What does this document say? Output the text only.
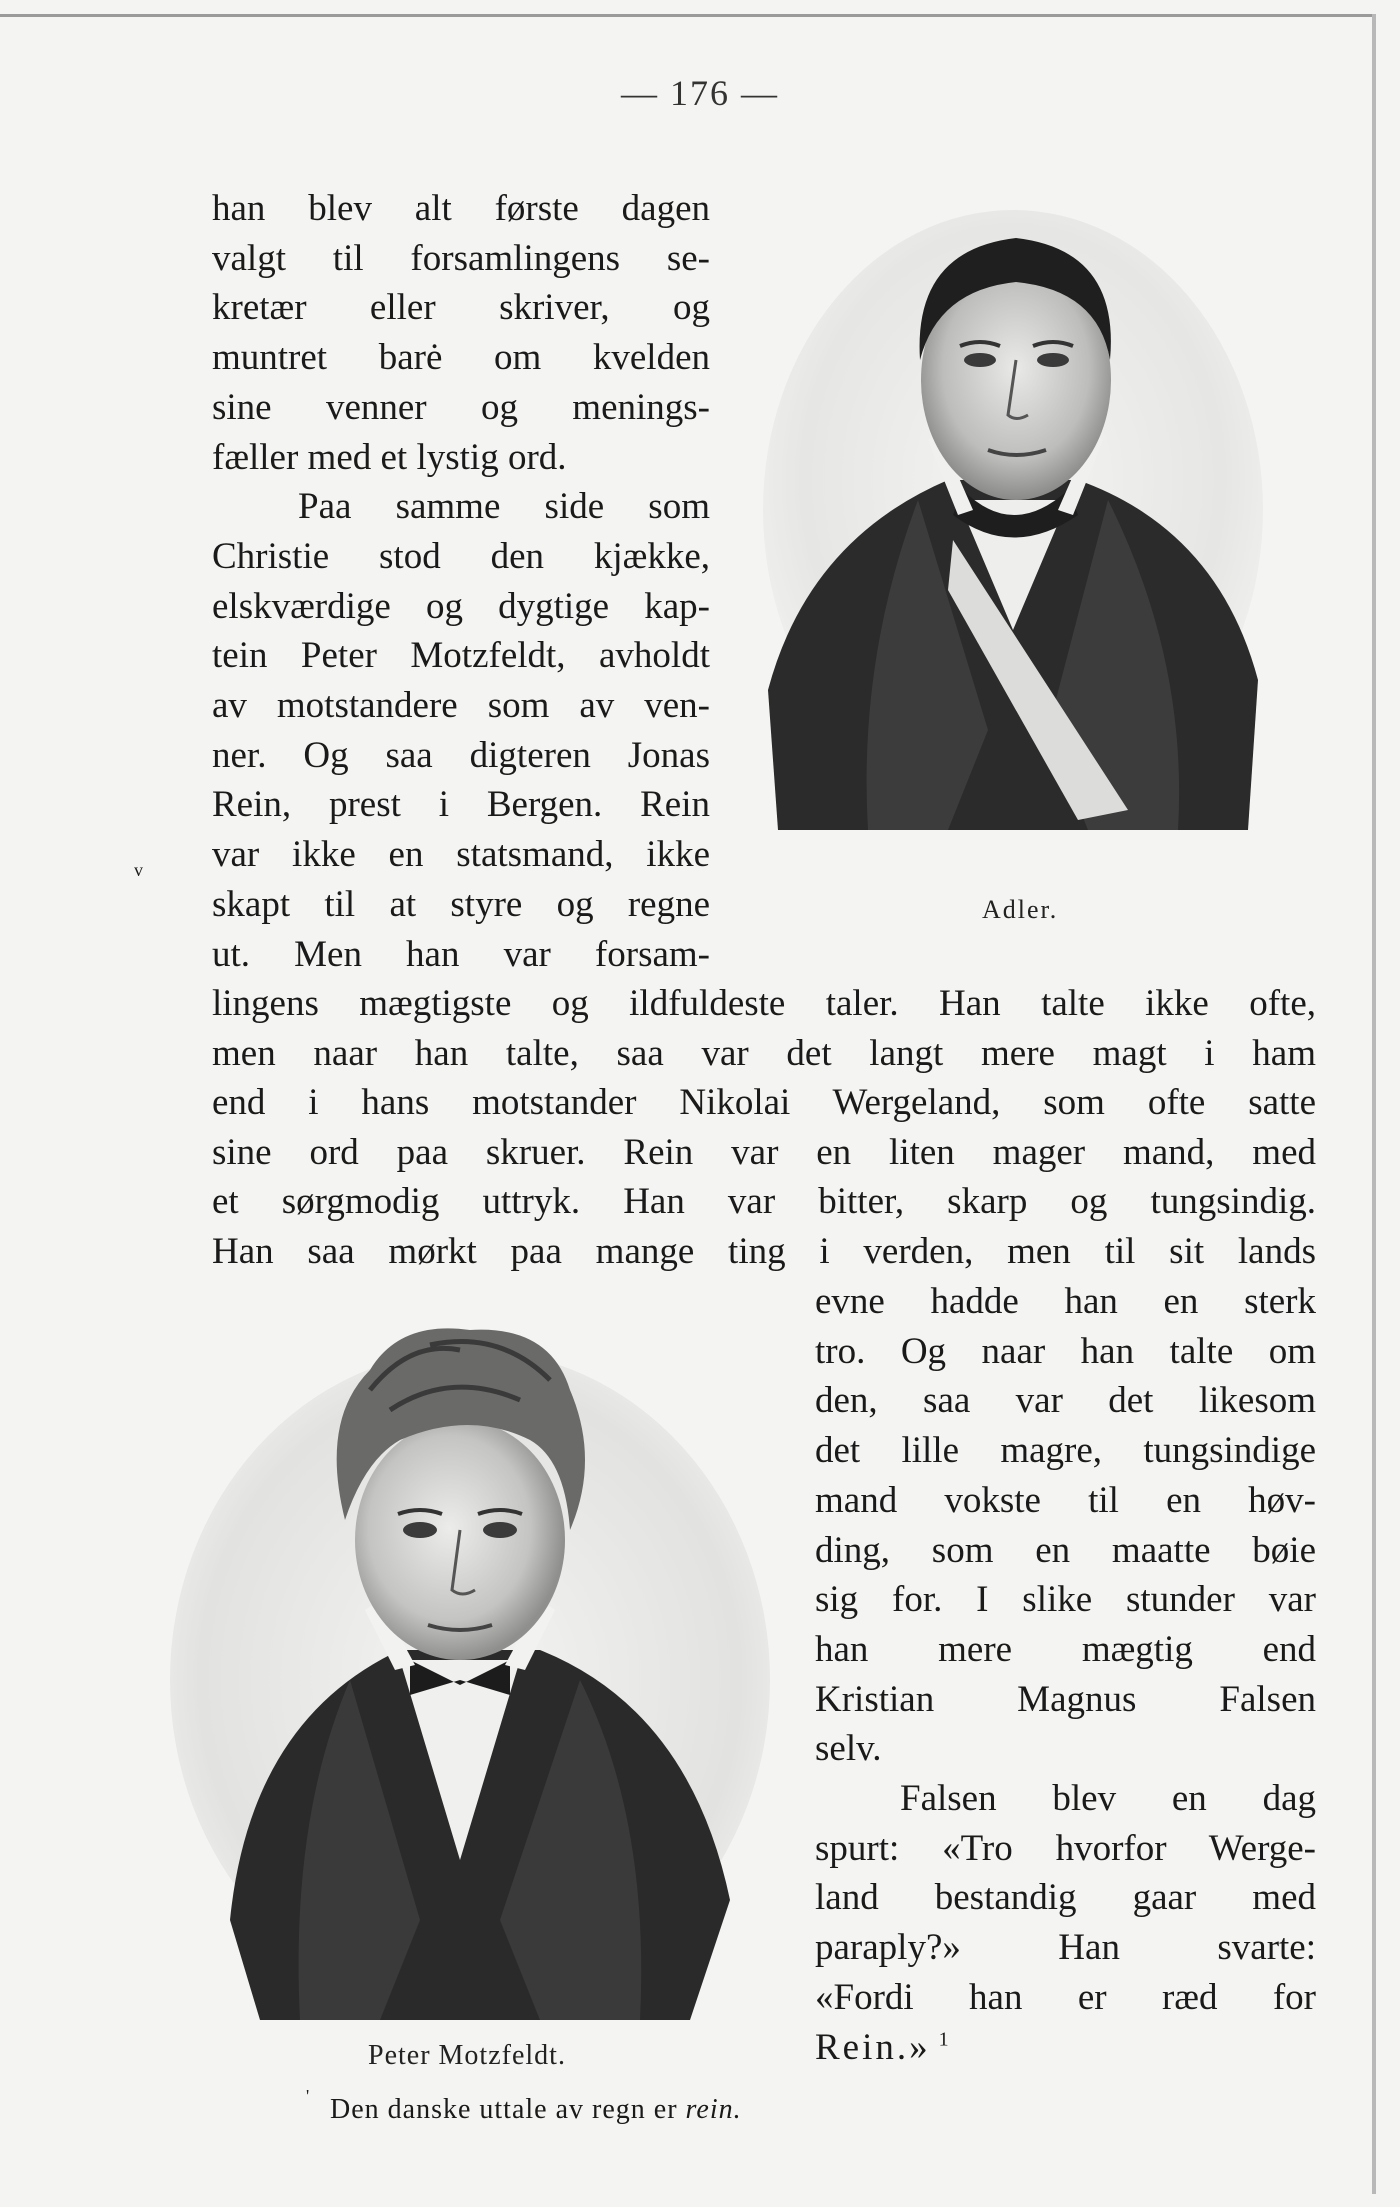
— 176 —
v
han blev alt første dagen
valgt til forsamlingens se-
kretær eller skriver, og
muntret barė om kvelden
sine venner og menings-
fæller med et lystig ord.
Paa samme side som
Christie stod den kjække,
elskværdige og dygtige kap-
tein Peter Motzfeldt, avholdt
av motstandere som av ven-
ner. Og saa digteren Jonas
Rein, prest i Bergen. Rein
var ikke en statsmand, ikke
skapt til at styre og regne
ut. Men han var forsam-
lingens mægtigste og ildfuldeste taler. Han talte ikke ofte,
men naar han talte, saa var det langt mere magt i ham
end i hans motstander Nikolai Wergeland, som ofte satte
sine ord paa skruer. Rein var en liten mager mand, med
et sørgmodig uttryk. Han var bitter, skarp og tungsindig.
Han saa mørkt paa mange ting i verden, men til sit lands
evne hadde han en sterk
tro. Og naar han talte om
den, saa var det likesom
det lille magre, tungsindige
mand vokste til en høv-
ding, som en maatte bøie
sig for. I slike stunder var
han mere mægtig end
Kristian Magnus Falsen
selv.
Falsen blev en dag
spurt: «Tro hvorfor Werge-
land bestandig gaar med
paraply?» Han svarte:
«Fordi han er ræd for
Rein.» $^1$
Adler.
Peter Motzfeldt.
' Den danske uttale av regn er rein.
